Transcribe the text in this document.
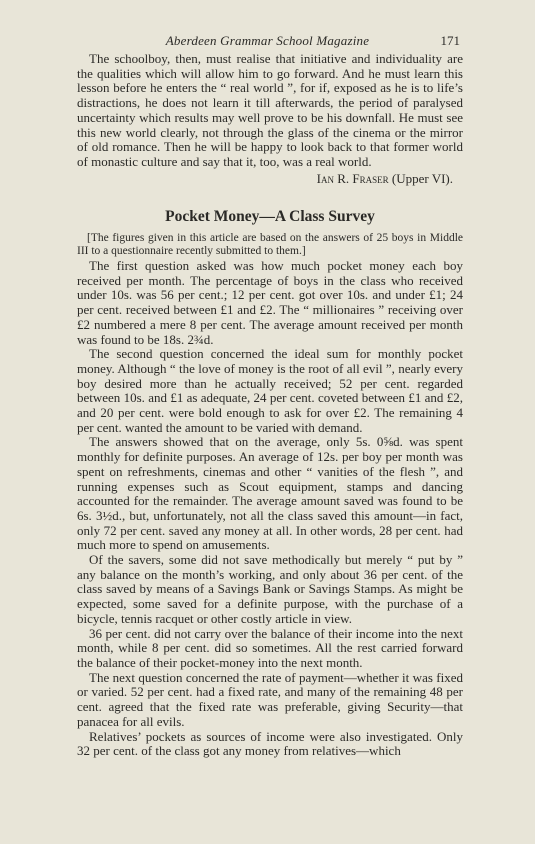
Aberdeen Grammar School Magazine	171

The schoolboy, then, must realise that initiative and individuality are the qualities which will allow him to go forward. And he must learn this lesson before he enters the “ real world ”, for if, exposed as he is to life’s distractions, he does not learn it till afterwards, the period of paralysed uncertainty which results may well prove to be his downfall. He must see this new world clearly, not through the glass of the cinema or the mirror of old romance. Then he will be happy to look back to that former world of monastic culture and say that it, too, was a real world.

Ian R. Fraser (Upper VI).
Pocket Money—A Class Survey

[The figures given in this article are based on the answers of 25 boys in Middle III to a questionnaire recently submitted to them.]

The first question asked was how much pocket money each boy received per month. The percentage of boys in the class who received under 10s. was 56 per cent.; 12 per cent. got over 10s. and under £1; 24 per cent. received between £1 and £2. The “ millionaires ” receiving over £2 numbered a mere 8 per cent. The average amount received per month was found to be 18s. 2¾d.

The second question concerned the ideal sum for monthly pocket money. Although “ the love of money is the root of all evil ”, nearly every boy desired more than he actually received; 52 per cent. regarded between 10s. and £1 as adequate, 24 per cent. coveted between £1 and £2, and 20 per cent. were bold enough to ask for over £2. The remaining 4 per cent. wanted the amount to be varied with demand.

The answers showed that on the average, only 5s. 0⅝d. was spent monthly for definite purposes. An average of 12s. per boy per month was spent on refreshments, cinemas and other “ vanities of the flesh ”, and running expenses such as Scout equipment, stamps and dancing accounted for the remainder. The average amount saved was found to be 6s. 3½d., but, unfortunately, not all the class saved this amount—in fact, only 72 per cent. saved any money at all. In other words, 28 per cent. had much more to spend on amusements.

Of the savers, some did not save methodically but merely “ put by ” any balance on the month’s working, and only about 36 per cent. of the class saved by means of a Savings Bank or Savings Stamps. As might be expected, some saved for a definite purpose, with the purchase of a bicycle, tennis racquet or other costly article in view.

36 per cent. did not carry over the balance of their income into the next month, while 8 per cent. did so sometimes. All the rest carried forward the balance of their pocket-money into the next month.

The next question concerned the rate of payment—whether it was fixed or varied. 52 per cent. had a fixed rate, and many of the remaining 48 per cent. agreed that the fixed rate was preferable, giving Security—that panacea for all evils.

Relatives’ pockets as sources of income were also investigated. Only 32 per cent. of the class got any money from relatives—which
